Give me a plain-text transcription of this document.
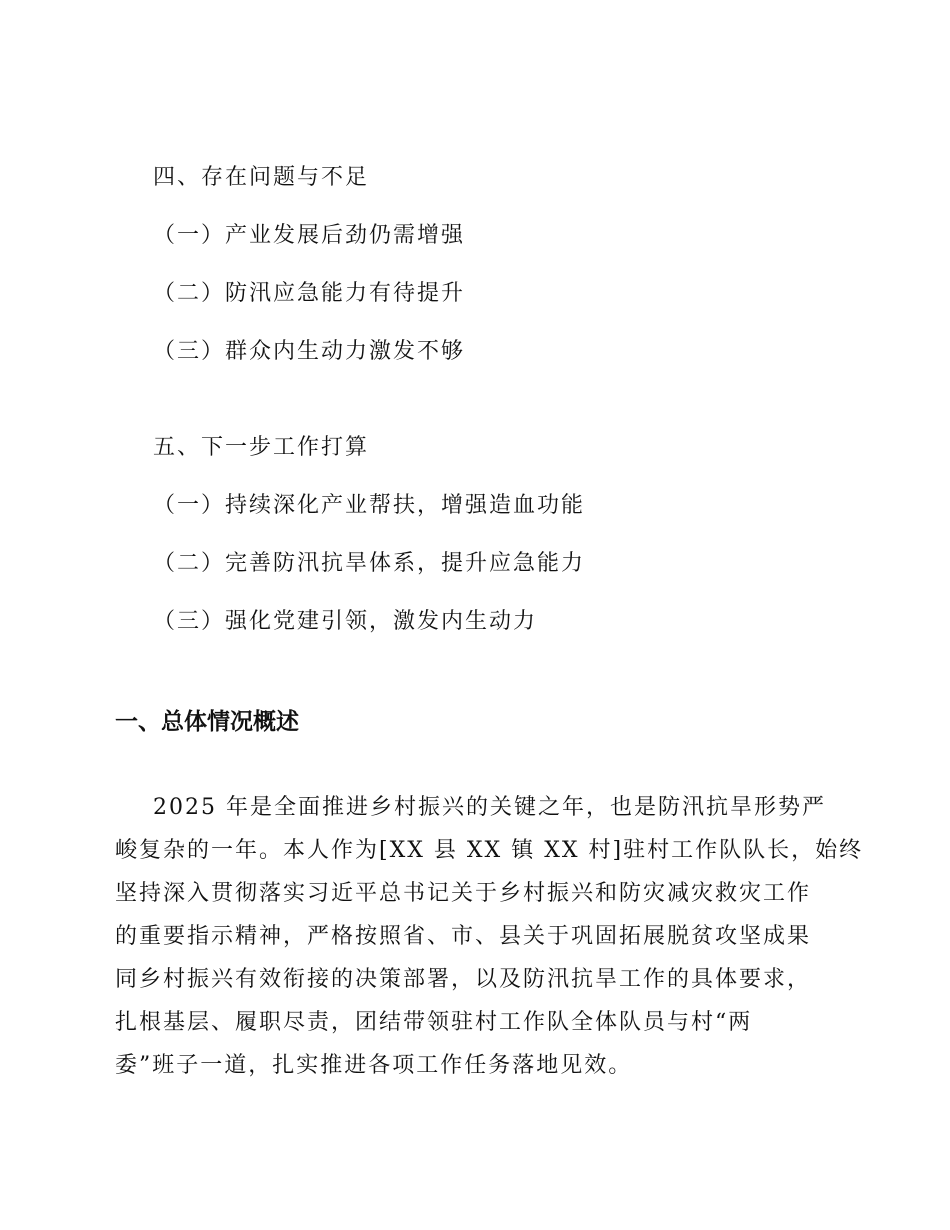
四、存在问题与不足
（一）产业发展后劲仍需增强
（二）防汛应急能力有待提升
（三）群众内生动力激发不够
五、下一步工作打算
（一）持续深化产业帮扶，增强造血功能
（二）完善防汛抗旱体系，提升应急能力
（三）强化党建引领，激发内生动力
一、总体情况概述
2025 年是全面推进乡村振兴的关键之年，也是防汛抗旱形势严
峻复杂的一年。本人作为[XX 县 XX 镇 XX 村]驻村工作队队长，始终
坚持深入贯彻落实习近平总书记关于乡村振兴和防灾减灾救灾工作
的重要指示精神，严格按照省、市、县关于巩固拓展脱贫攻坚成果
同乡村振兴有效衔接的决策部署，以及防汛抗旱工作的具体要求，
扎根基层、履职尽责，团结带领驻村工作队全体队员与村“两
委”班子一道，扎实推进各项工作任务落地见效。
